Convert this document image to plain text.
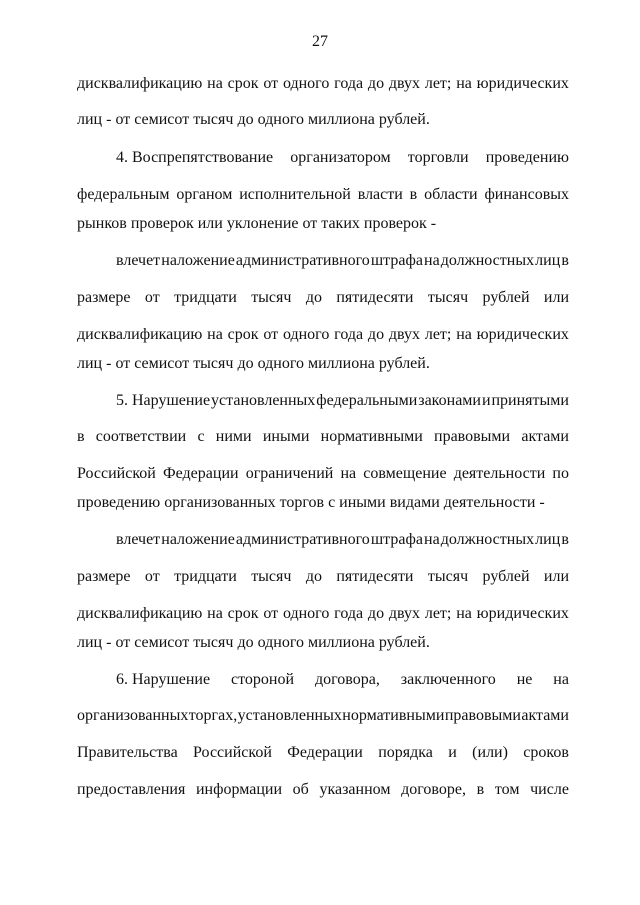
27
дисквалификацию на срок от одного года до двух лет; на юридических
лиц - от семисот тысяч до одного миллиона рублей.
4. Воспрепятствование организатором торговли проведению
федеральным органом исполнительной власти в области финансовых
рынков проверок или уклонение от таких проверок -
влечет наложение административного штрафа на должностных лиц в
размере от тридцати тысяч до пятидесяти тысяч рублей или
дисквалификацию на срок от одного года до двух лет; на юридических
лиц - от семисот тысяч до одного миллиона рублей.
5. Нарушение установленных федеральными законами и принятыми
в соответствии с ними иными нормативными правовыми актами
Российской Федерации ограничений на совмещение деятельности по
проведению организованных торгов с иными видами деятельности -
влечет наложение административного штрафа на должностных лиц в
размере от тридцати тысяч до пятидесяти тысяч рублей или
дисквалификацию на срок от одного года до двух лет; на юридических
лиц - от семисот тысяч до одного миллиона рублей.
6. Нарушение стороной договора, заключенного не на
организованных торгах, установленных нормативными правовыми актами
Правительства Российской Федерации порядка и (или) сроков
предоставления информации об указанном договоре, в том числе
